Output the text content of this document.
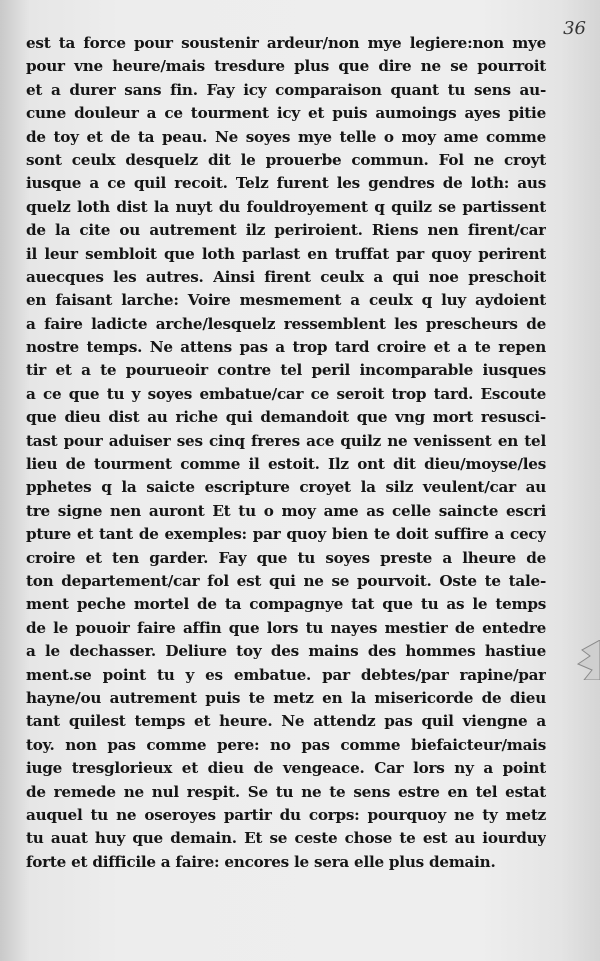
36
est ta force pour soustenir ardeur/non mye legiere:non mye
pour vne heure/mais tresdure plus que dire ne se pourroit
et a durer sans fin. Fay icy comparaison quant tu sens au-
cune douleur a ce tourment icy et puis aumoings ayes pitie
de toy et de ta peau. Ne soyes mye telle o moy ame comme
sont ceulx desquelz dit le prouerbe commun. Fol ne croyt
iusque a ce quil recoit. Telz furent les gendres de loth: aus
quelz loth dist la nuyt du fouldroyement q quilz se partissent
de la cite ou autrement ilz periroient. Riens nen firent/car
il leur sembloit que loth parlast en truffat par quoy perirent
auecques les autres. Ainsi firent ceulx a qui noe preschoit
en faisant larche: Voire mesmement a ceulx q luy aydoient
a faire ladicte arche/lesquelz ressemblent les prescheurs de
nostre temps. Ne attens pas a trop tard croire et a te repen
tir et a te pourueoir contre tel peril incomparable iusques
a ce que tu y soyes embatue/car ce seroit trop tard. Escoute
que dieu dist au riche qui demandoit que vng mort resusci-
tast pour aduiser ses cinq freres ace quilz ne venissent en tel
lieu de tourment comme il estoit. Ilz ont dit dieu/moyse/les
pphetes q la saicte escripture croyet la silz veulent/car au
tre signe nen auront Et tu o moy ame as celle saincte escri
pture et tant de exemples: par quoy bien te doit suffire a cecy
croire et ten garder. Fay que tu soyes preste a lheure de
ton departement/car fol est qui ne se pourvoit. Oste te tale-
ment peche mortel de ta compagnye tat que tu as le temps
de le pouoir faire affin que lors tu nayes mestier de entedre
a le dechasser. Deliure toy des mains des hommes hastiue
ment.se point tu y es embatue. par debtes/par rapine/par
hayne/ou autrement puis te metz en la misericorde de dieu
tant quilest temps et heure. Ne attendz pas quil viengne a
toy. non pas comme pere: no pas comme biefaicteur/mais
iuge tresglorieux et dieu de vengeace. Car lors ny a point
de remede ne nul respit. Se tu ne te sens estre en tel estat
auquel tu ne oseroyes partir du corps: pourquoy ne ty metz
tu auat huy que demain. Et se ceste chose te est au iourduy
forte et difficile a faire: encores le sera elle plus demain.
